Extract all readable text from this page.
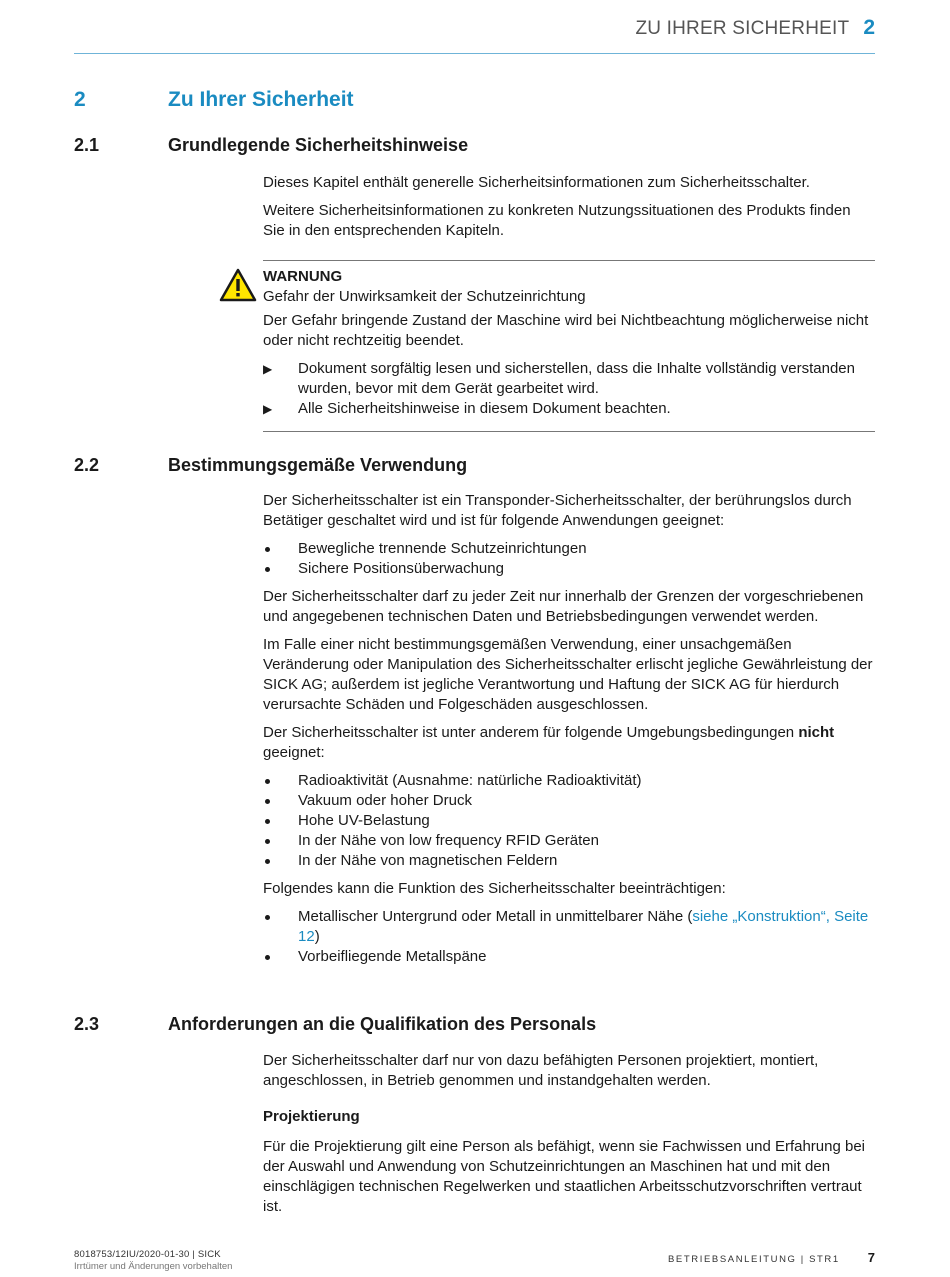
ZU IHRER SICHERHEIT 2
2	Zu Ihrer Sicherheit
2.1	Grundlegende Sicherheitshinweise

Dieses Kapitel enthält generelle Sicherheitsinformationen zum Sicherheitsschalter.

Weitere Sicherheitsinformationen zu konkreten Nutzungssituationen des Produkts finden Sie in den entsprechenden Kapiteln.

WARNUNG
Gefahr der Unwirksamkeit der Schutzeinrichtung

Der Gefahr bringende Zustand der Maschine wird bei Nichtbeachtung möglicherweise nicht oder nicht rechtzeitig beendet.

▶ Dokument sorgfältig lesen und sicherstellen, dass die Inhalte vollständig verstanden wurden, bevor mit dem Gerät gearbeitet wird.
▶ Alle Sicherheitshinweise in diesem Dokument beachten.
2.2	Bestimmungsgemäße Verwendung

Der Sicherheitsschalter ist ein Transponder-Sicherheitsschalter, der berührungslos durch Betätiger geschaltet wird und ist für folgende Anwendungen geeignet:

Bewegliche trennende Schutzeinrichtungen
Sichere Positionsüberwachung

Der Sicherheitsschalter darf zu jeder Zeit nur innerhalb der Grenzen der vorgeschriebenen und angegebenen technischen Daten und Betriebsbedingungen verwendet werden.

Im Falle einer nicht bestimmungsgemäßen Verwendung, einer unsachgemäßen Veränderung oder Manipulation des Sicherheitsschalter erlischt jegliche Gewährleistung der SICK AG; außerdem ist jegliche Verantwortung und Haftung der SICK AG für hierdurch verursachte Schäden und Folgeschäden ausgeschlossen.

Der Sicherheitsschalter ist unter anderem für folgende Umgebungsbedingungen nicht geeignet:

Radioaktivität (Ausnahme: natürliche Radioaktivität)
Vakuum oder hoher Druck
Hohe UV-Belastung
In der Nähe von low frequency RFID Geräten
In der Nähe von magnetischen Feldern

Folgendes kann die Funktion des Sicherheitsschalter beeinträchtigen:

Metallischer Untergrund oder Metall in unmittelbarer Nähe (siehe „Konstruktion“, Seite 12)
Vorbeifliegende Metallspäne
2.3	Anforderungen an die Qualifikation des Personals

Der Sicherheitsschalter darf nur von dazu befähigten Personen projektiert, montiert, angeschlossen, in Betrieb genommen und instandgehalten werden.

Projektierung

Für die Projektierung gilt eine Person als befähigt, wenn sie Fachwissen und Erfahrung bei der Auswahl und Anwendung von Schutzeinrichtungen an Maschinen hat und mit den einschlägigen technischen Regelwerken und staatlichen Arbeitsschutzvorschriften vertraut ist.

8018753/12IU/2020-01-30 | SICK
Irrtümer und Änderungen vorbehalten
BETRIEBSANLEITUNG | STR1 7
